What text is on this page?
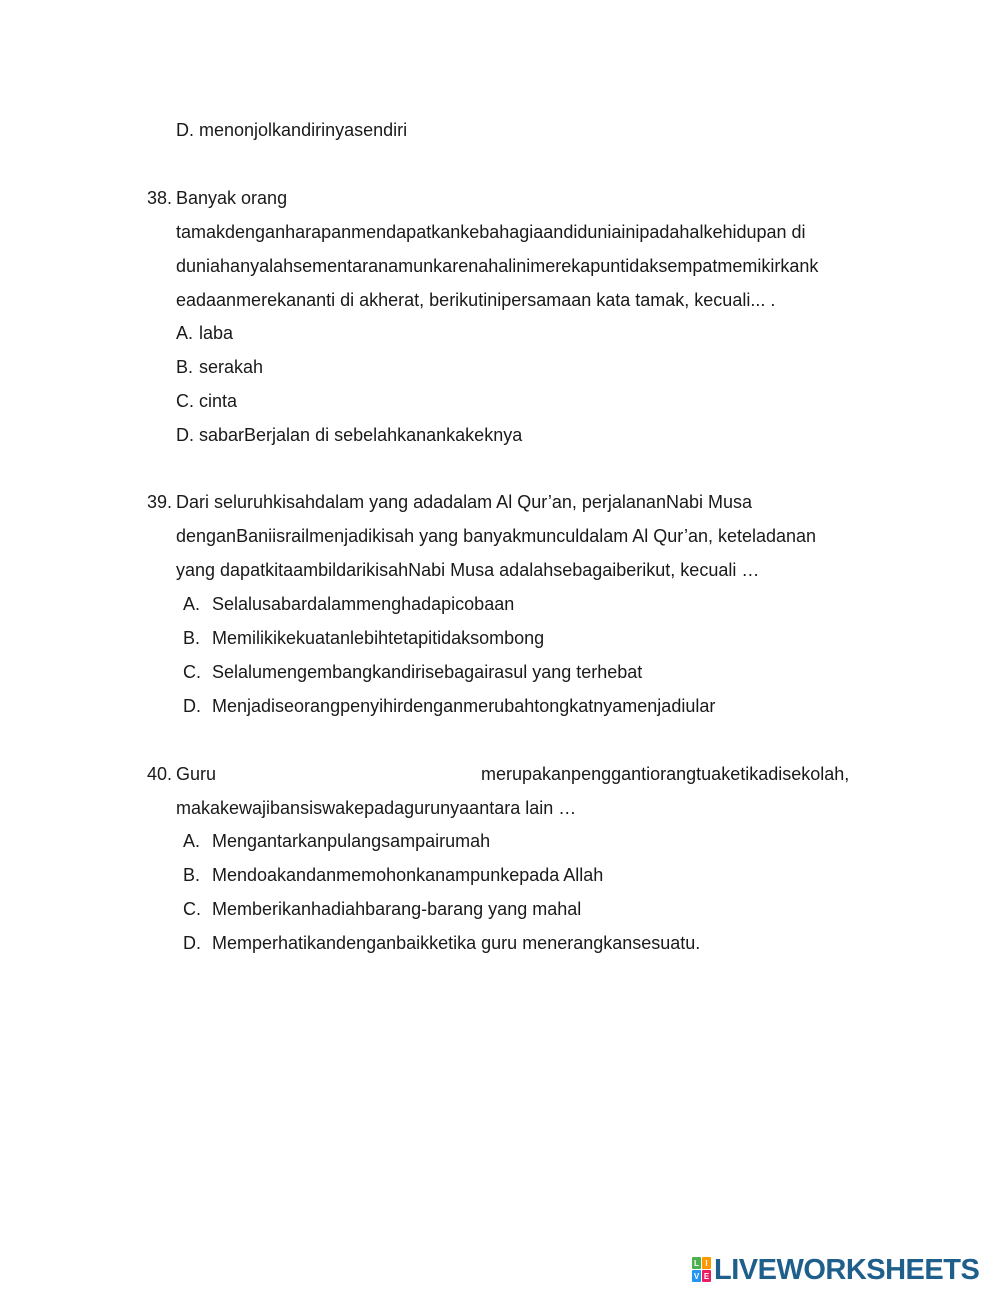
D. menonjolkandirinyasendiri
38. Banyak orang
tamakdenganharapanmendapatkankebahagiaandiduniainipadahalkehidupan di
duniahanyalahsementaranamunkarenahalinimerekapuntidaksempatmemikirkank
eadaanmerekananti di akherat, berikutinipersamaan kata tamak, kecuali... .
A. laba
B. serakah
C. cinta
D. sabarBerjalan di sebelahkanankakeknya
39. Dari seluruhkisahdalam yang adadalam Al Qur’an, perjalananNabi Musa
denganBaniisrailmenjadikisah yang banyakmunculdalam Al Qur’an, keteladanan
yang dapatkitaambildarikisahNabi Musa adalahsebagaiberikut, kecuali …
A. Selalusabardalammenghadapicobaan
B. Memilikikekuatanlebihtetapitidaksombong
C. Selalumengembangkandirisebagairasul yang terhebat
D. Menjadiseorangpenyihirdenganmerubahtongkatnyamenjadiular
40. Guru	merupakanpenggantiorangtuaketikadisekolah,
makakewajibansiswakepadagurunyaantara lain …
A. Mengantarkanpulangsampairumah
B. Mendoakandanmemohonkanampunkepada Allah
C. Memberikanhadiahbarang-barang yang mahal
D. Memperhatikandenganbaikketika guru menerangkansesuatu.
L I
V E LIVEWORKSHEETS
